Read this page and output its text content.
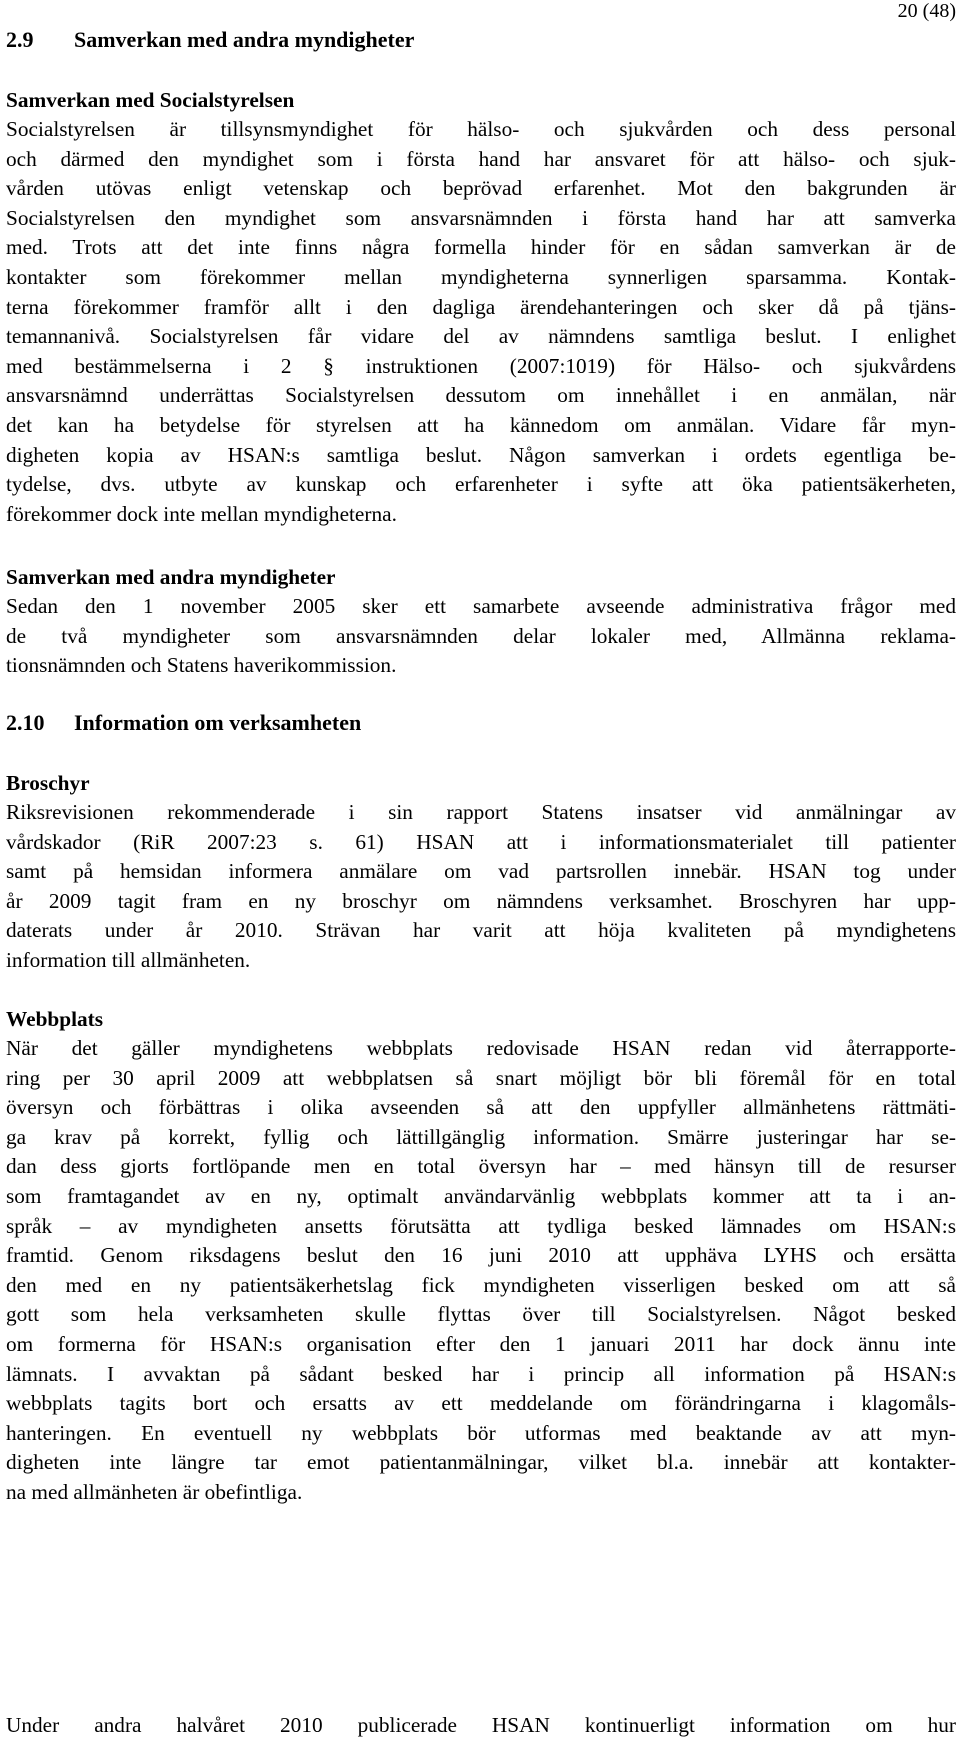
20 (48)
2.9 Samverkan med andra myndigheter
Samverkan med Socialstyrelsen
Socialstyrelsen är tillsynsmyndighet för hälso- och sjukvården och dess personal
och därmed den myndighet som i första hand har ansvaret för att hälso- och sjuk-
vården utövas enligt vetenskap och beprövad erfarenhet. Mot den bakgrunden är
Socialstyrelsen den myndighet som ansvarsnämnden i första hand har att samverka
med. Trots att det inte finns några formella hinder för en sådan samverkan är de
kontakter som förekommer mellan myndigheterna synnerligen sparsamma. Kontak-
terna förekommer framför allt i den dagliga ärendehanteringen och sker då på tjäns-
temannanivå. Socialstyrelsen får vidare del av nämndens samtliga beslut. I enlighet
med bestämmelserna i 2 § instruktionen (2007:1019) för Hälso- och sjukvårdens
ansvarsnämnd underrättas Socialstyrelsen dessutom om innehållet i en anmälan, när
det kan ha betydelse för styrelsen att ha kännedom om anmälan. Vidare får myn-
digheten kopia av HSAN:s samtliga beslut. Någon samverkan i ordets egentliga be-
tydelse, dvs. utbyte av kunskap och erfarenheter i syfte att öka patientsäkerheten,
förekommer dock inte mellan myndigheterna.
Samverkan med andra myndigheter
Sedan den 1 november 2005 sker ett samarbete avseende administrativa frågor med
de två myndigheter som ansvarsnämnden delar lokaler med, Allmänna reklama-
tionsnämnden och Statens haverikommission.
2.10 Information om verksamheten
Broschyr
Riksrevisionen rekommenderade i sin rapport Statens insatser vid anmälningar av
vårdskador (RiR 2007:23 s. 61) HSAN att i informationsmaterialet till patienter
samt på hemsidan informera anmälare om vad partsrollen innebär. HSAN tog under
år 2009 tagit fram en ny broschyr om nämndens verksamhet. Broschyren har upp-
daterats under år 2010. Strävan har varit att höja kvaliteten på myndighetens
information till allmänheten.
Webbplats
När det gäller myndighetens webbplats redovisade HSAN redan vid återrapporte-
ring per 30 april 2009 att webbplatsen så snart möjligt bör bli föremål för en total
översyn och förbättras i olika avseenden så att den uppfyller allmänhetens rättmäti-
ga krav på korrekt, fyllig och lättillgänglig information. Smärre justeringar har se-
dan dess gjorts fortlöpande men en total översyn har – med hänsyn till de resurser
som framtagandet av en ny, optimalt användarvänlig webbplats kommer att ta i an-
språk – av myndigheten ansetts förutsätta att tydliga besked lämnades om HSAN:s
framtid. Genom riksdagens beslut den 16 juni 2010 att upphäva LYHS och ersätta
den med en ny patientsäkerhetslag fick myndigheten visserligen besked om att så
gott som hela verksamheten skulle flyttas över till Socialstyrelsen. Något besked
om formerna för HSAN:s organisation efter den 1 januari 2011 har dock ännu inte
lämnats. I avvaktan på sådant besked har i princip all information på HSAN:s
webbplats tagits bort och ersatts av ett meddelande om förändringarna i klagomåls-
hanteringen. En eventuell ny webbplats bör utformas med beaktande av att myn-
digheten inte längre tar emot patientanmälningar, vilket bl.a. innebär att kontakter-
na med allmänheten är obefintliga.
Under andra halvåret 2010 publicerade HSAN kontinuerligt information om hur
